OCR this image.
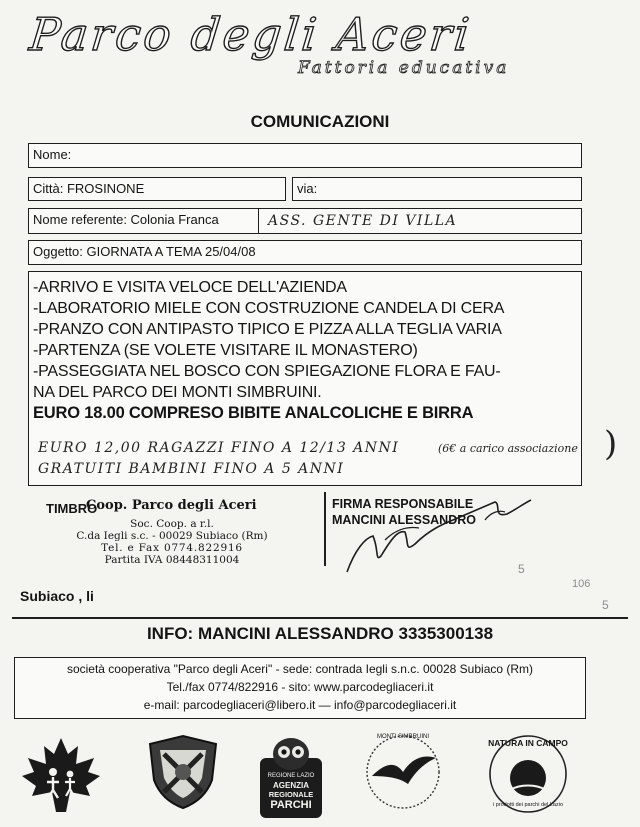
Parco degli Aceri
Fattoria educativa
COMUNICAZIONI
Nome:
Città: FROSINONE	via:
Nome referente: Colonia Franca	ASS. GENTE DI VILLA
Oggetto: GIORNATA A TEMA 25/04/08
-ARRIVO E VISITA VELOCE DELL'AZIENDA
-LABORATORIO MIELE CON COSTRUZIONE CANDELA DI CERA
-PRANZO CON ANTIPASTO TIPICO E PIZZA ALLA TEGLIA VARIA
-PARTENZA (SE VOLETE VISITARE IL MONASTERO)
-PASSEGGIATA NEL BOSCO CON SPIEGAZIONE FLORA E FAU-
NA DEL PARCO DEI MONTI SIMBRUINI.
EURO 18.00 COMPRESO BIBITE ANALCOLICHE E BIRRA
EURO 12,00 RAGAZZI FINO A 12/13 ANNI	(6€ a carico associazione )
GRATUITI BAMBINI FINO A 5 ANNI
TIMBRO
Coop. Parco degli Aceri
Soc. Coop. a r.l.
C.da Iegli s.c. - 00029 Subiaco (Rm)
Tel. e Fax 0774.822916
Partita IVA 08448311004
FIRMA RESPONSABILE
MANCINI ALESSANDRO
5
106
5
Subiaco , li
INFO: MANCINI ALESSANDRO 3335300138
società cooperativa "Parco degli Aceri" - sede: contrada Iegli s.n.c. 00028 Subiaco (Rm)
Tel./fax 0774/822916 - sito: www.parcodegliaceri.it
e-mail: parcodegliaceri@libero.it — info@parcodegliaceri.it
REGIONE LAZIO
AGENZIA
REGIONALE
PARCHI
MONTI SIMBRUINI
NATURA IN CAMPO
i prodotti dei parchi del Lazio
